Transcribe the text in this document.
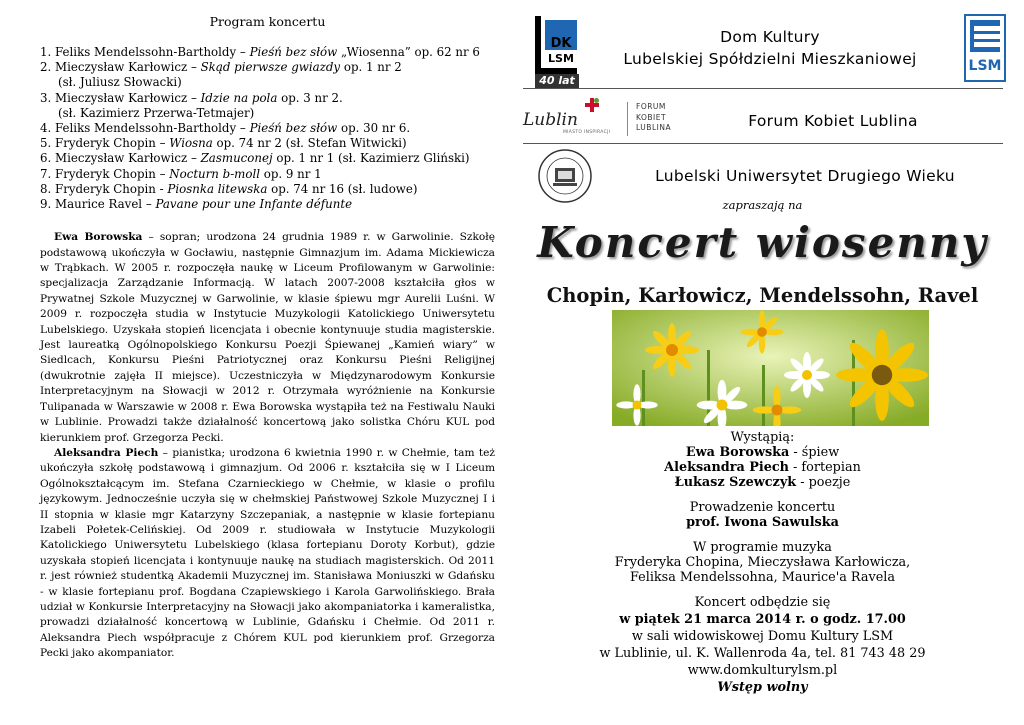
Program koncertu
1. Feliks Mendelssohn-Bartholdy – Pieśń bez słów „Wiosenna” op. 62 nr 6
2. Mieczysław Karłowicz – Skąd pierwsze gwiazdy op. 1 nr 2
(sł. Juliusz Słowacki)
3. Mieczysław Karłowicz – Idzie na pola op. 3 nr 2.
(sł. Kazimierz Przerwa-Tetmajer)
4. Feliks Mendelssohn-Bartholdy – Pieśń bez słów op. 30 nr 6.
5. Fryderyk Chopin – Wiosna op. 74 nr 2 (sł. Stefan Witwicki)
6. Mieczysław Karłowicz – Zasmuconej op. 1 nr 1 (sł. Kazimierz Gliński)
7. Fryderyk Chopin – Nocturn b-moll op. 9 nr 1
8. Fryderyk Chopin - Piosnka litewska op. 74 nr 16 (sł. ludowe)
9. Maurice Ravel – Pavane pour une Infante défunte

Ewa Borowska – sopran; urodzona 24 grudnia 1989 r. w Garwolinie. Szkołę podstawową ukończyła w Gocławiu, następnie Gimnazjum im. Adama Mickiewicza w Trąbkach. W 2005 r. rozpoczęła naukę w Liceum Profilowanym w Garwolinie: specjalizacja Zarządzanie Informacją. W latach 2007-2008 kształciła głos w Prywatnej Szkole Muzycznej w Garwolinie, w klasie śpiewu mgr Aurelii Luśni. W 2009 r. rozpoczęła studia w Instytucie Muzykologii Katolickiego Uniwersytetu Lubelskiego. Uzyskała stopień licencjata i obecnie kontynuuje studia magisterskie. Jest laureatką Ogólnopolskiego Konkursu Poezji Śpiewanej „Kamień wiary” w Siedlcach, Konkursu Pieśni Patriotycznej oraz Konkursu Pieśni Religijnej (dwukrotnie zajęła II miejsce). Uczestniczyła w Międzynarodowym Konkursie Interpretacyjnym na Słowacji w 2012 r. Otrzymała wyróżnienie na Konkursie Tulipanada w Warszawie w 2008 r. Ewa Borowska wystąpiła też na Festiwalu Nauki w Lublinie. Prowadzi także działalność koncertową jako solistka Chóru KUL pod kierunkiem prof. Grzegorza Pecki.

Aleksandra Piech – pianistka; urodzona 6 kwietnia 1990 r. w Chełmie, tam też ukończyła szkołę podstawową i gimnazjum. Od 2006 r. kształciła się w I Liceum Ogólnokształcącym im. Stefana Czarnieckiego w Chełmie, w klasie o profilu językowym. Jednocześnie uczyła się w chełmskiej Państwowej Szkole Muzycznej I i II stopnia w klasie mgr Katarzyny Szczepaniak, a następnie w klasie fortepianu Izabeli Połetek-Celińskiej. Od 2009 r. studiowała w Instytucie Muzykologii Katolickiego Uniwersytetu Lubelskiego (klasa fortepianu Doroty Korbut), gdzie uzyskała stopień licencjata i kontynuuje naukę na studiach magisterskich. Od 2011 r. jest również studentką Akademii Muzycznej im. Stanisława Moniuszki w Gdańsku - w klasie fortepianu prof. Bogdana Czapiewskiego i Karola Garwolińskiego. Brała udział w Konkursie Interpretacyjny na Słowacji jako akompaniatorka i kameralistka, prowadzi działalność koncertową w Lublinie, Gdańsku i Chełmie. Od 2011 r. Aleksandra Piech współpracuje z Chórem KUL pod kierunkiem prof. Grzegorza Pecki jako akompaniator.

DK
LSM
40 lat
Dom Kultury
Lubelskiej Spółdzielni Mieszkaniowej	LSM
Lublin
MIASTO INSPIRACJI
FORUM
KOBIET
LUBLINA	Forum Kobiet Lublina
Lubelski Uniwersytet Drugiego Wieku
zapraszają na
Koncert wiosenny
Chopin, Karłowicz, Mendelssohn, Ravel

Wystąpią:

Ewa Borowska - śpiew

Aleksandra Piech - fortepian

Łukasz Szewczyk - poezje

Prowadzenie koncertu

prof. Iwona Sawulska

W programie muzyka

Fryderyka Chopina, Mieczysława Karłowicza,

Feliksa Mendelssohna, Maurice'a Ravela

Koncert odbędzie się

w piątek 21 marca 2014 r. o godz. 17.00

w sali widowiskowej Domu Kultury LSM

w Lublinie, ul. K. Wallenroda 4a, tel. 81 743 48 29

www.domkulturylsm.pl

Wstęp wolny
